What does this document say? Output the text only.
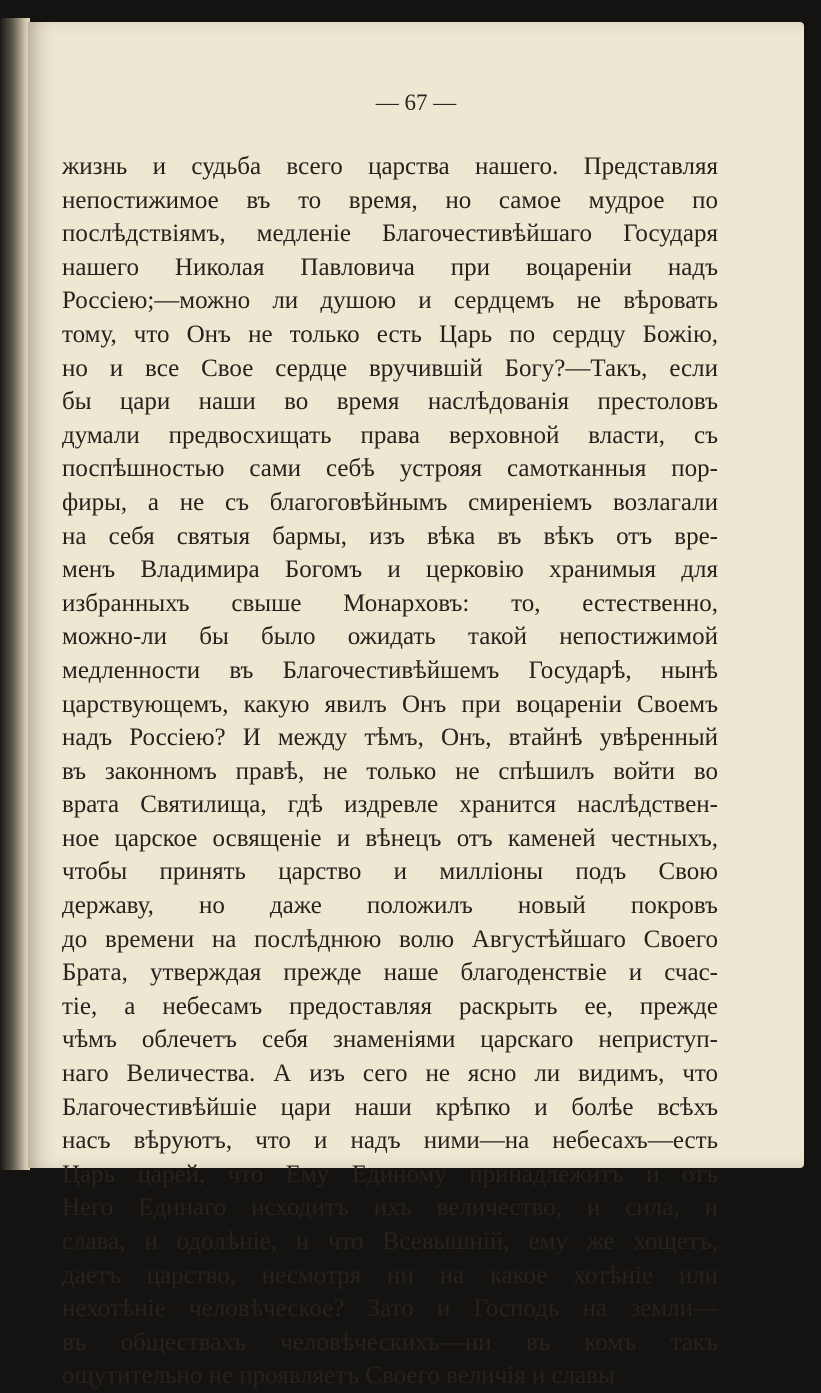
— 67 —
жизнь и судьба всего царства нашего. Представляя
непостижимое въ то время, но самое мудрое по
послѣдствіямъ, медленіе Благочестивѣйшаго Государя
нашего Николая Павловича при воцареніи надъ
Россіею;—можно ли душою и сердцемъ не вѣровать
тому, что Онъ не только есть Царь по сердцу Божію,
но и все Свое сердце вручившій Богу?—Такъ, если
бы цари наши во время наслѣдованія престоловъ
думали предвосхищать права верховной власти, съ
поспѣшностью сами себѣ устрояя самотканныя пор-
фиры, а не съ благоговѣйнымъ смиреніемъ возлагали
на себя святыя бармы, изъ вѣка въ вѣкъ отъ вре-
менъ Владимира Богомъ и церковію хранимыя для
избранныхъ свыше Монарховъ: то, естественно,
можно-ли бы было ожидать такой непостижимой
медленности въ Благочестивѣйшемъ Государѣ, нынѣ
царствующемъ, какую явилъ Онъ при воцареніи Своемъ
надъ Россіею? И между тѣмъ, Онъ, втайнѣ увѣренный
въ законномъ правѣ, не только не спѣшилъ войти во
врата Святилища, гдѣ издревле хранится наслѣдствен-
ное царское освященіе и вѣнецъ отъ каменей честныхъ,
чтобы принять царство и милліоны подъ Свою
державу, но даже положилъ новый покровъ
до времени на послѣднюю волю Августѣйшаго Своего
Брата, утверждая прежде наше благоденствіе и счас-
тіе, а небесамъ предоставляя раскрыть ее, прежде
чѣмъ облечетъ себя знаменіями царскаго неприступ-
наго Величества. А изъ сего не ясно ли видимъ, что
Благочестивѣйшіе цари наши крѣпко и болѣе всѣхъ
насъ вѣруютъ, что и надъ ними—на небесахъ—есть
Царь царей, что Ему Единому принадлежитъ и отъ
Него Единаго исходитъ ихъ величество, и сила, и
слава, и одолѣніе, и что Всевышній, ему же хощетъ,
даетъ царство, несмотря ни на какое хотѣніе или
нехотѣніе человѣческое? Зато и Господь на земли—
въ обществахъ человѣческихъ—ни въ комъ такъ
ощутительно не проявляетъ Своего величія и славы
